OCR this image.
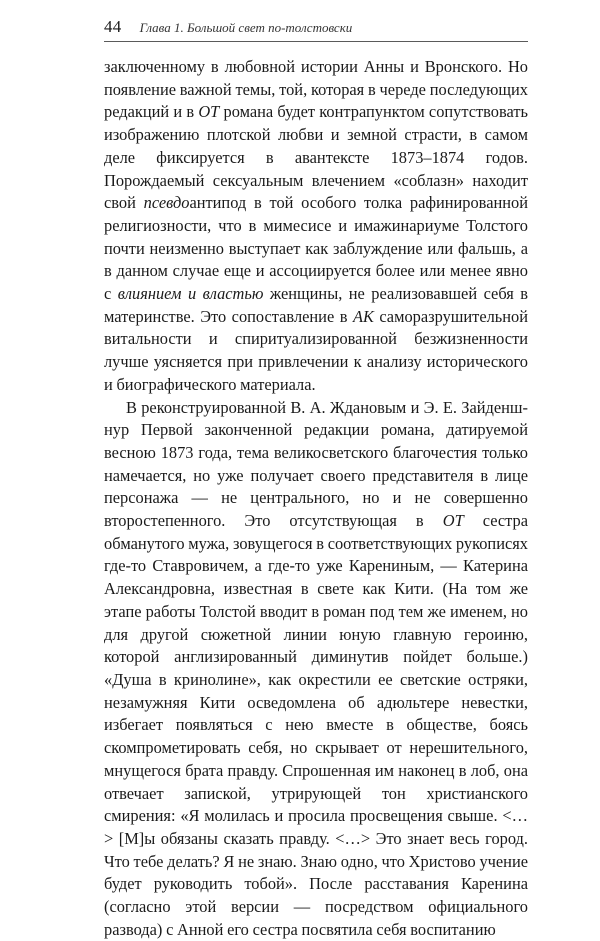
44 Глава 1. Большой свет по-толстовски

заключенному в любовной истории Анны и Вронского. Но появление важной темы, той, которая в череде последующих редакций и в ОТ романа будет контрапунктом сопутствовать изображению плотской любви и земной страсти, в самом деле фиксируется в авантексте 1873–1874 годов. Порождаемый сексуальным влечением «соблазн» находит свой псевдоантипод в той особого толка рафинированной религиозности, что в мимесисе и имажинариуме Толстого почти неизменно выступает как заблуждение или фальшь, а в данном случае еще и ассоциируется более или менее явно с влиянием и властью женщины, не реализовавшей себя в материнстве. Это сопоставление в АК саморазрушительной витальности и спиритуализированной безжизненности лучше уясняется при привлечении к анализу исторического и биографического материала.

В реконструированной В. А. Ждановым и Э. Е. Зайденшнур Первой законченной редакции романа, датируемой весною 1873 года, тема великосветского благочестия только намечается, но уже получает своего представителя в лице персонажа — не центрального, но и не совершенно второстепенного. Это отсутствующая в ОТ сестра обманутого мужа, зовущегося в соответствующих рукописях где-то Ставровичем, а где-то уже Карениным, — Катерина Александровна, известная в свете как Кити. (На том же этапе работы Толстой вводит в роман под тем же именем, но для другой сюжетной линии юную главную героиню, которой англизированный диминутив пойдет больше.) «Душа в кринолине», как окрестили ее светские остряки, незамужняя Кити осведомлена об адюльтере невестки, избегает появляться с нею вместе в обществе, боясь скомпрометировать себя, но скрывает от нерешительного, мнущегося брата правду. Спрошенная им наконец в лоб, она отвечает запиской, утрирующей тон христианского смирения: «Я молилась и просила просвещения свыше. <…> [М]ы обязаны сказать правду. <…> Это знает весь город. Что тебе делать? Я не знаю. Знаю одно, что Христово учение будет руководить тобой». После расставания Каренина (согласно этой версии — посредством официального развода) с Анной его сестра посвятила себя воспитанию
